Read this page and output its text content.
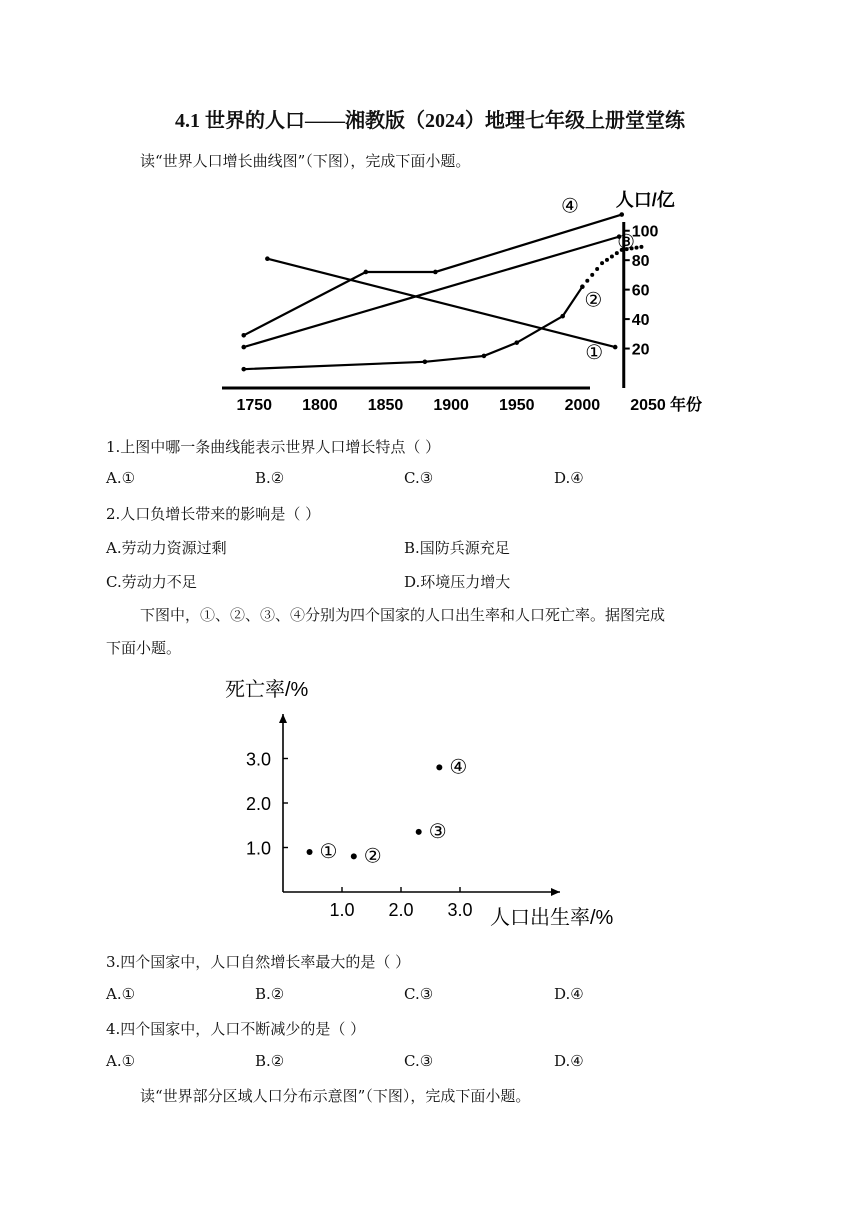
4.1 世界的人口——湘教版（2024）地理七年级上册堂堂练
读“世界人口增长曲线图”（下图），完成下面小题。
1750 1800 1850 1900 1950 2000 2050 年份
20
40
60
80
100
人口/亿
①
②
③
④
1.上图中哪一条曲线能表示世界人口增长特点（ ）
A.①	B.②	C.③	D.④
2.人口负增长带来的影响是（ ）
A.劳动力资源过剩	B.国防兵源充足
C.劳动力不足	D.环境压力增大
下图中，①、②、③、④分别为四个国家的人口出生率和人口死亡率。据图完成
下面小题。
1.0 2.0 3.0
1.0
2.0
3.0
死亡率/%
人口出生率/%
① ②
③
④
3.四个国家中，人口自然增长率最大的是（ ）
A.①	B.②	C.③	D.④
4.四个国家中，人口不断减少的是（ ）
A.①	B.②	C.③	D.④
读“世界部分区域人口分布示意图”（下图），完成下面小题。
